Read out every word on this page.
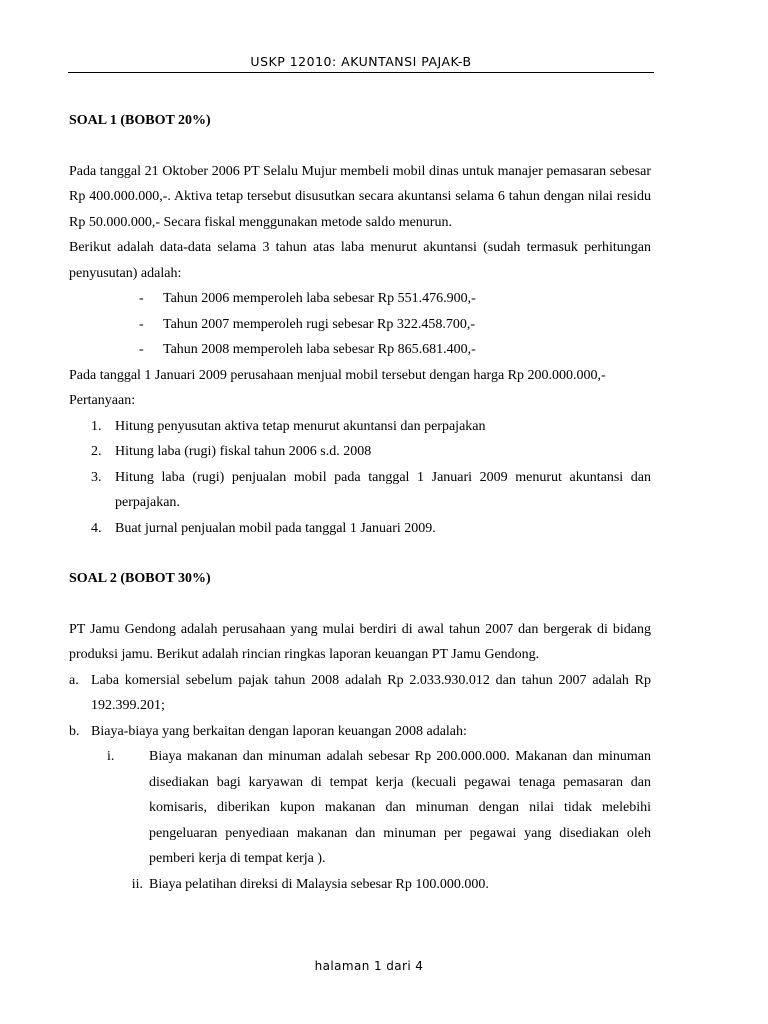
USKP 12010: AKUNTANSI PAJAK-B

SOAL 1 (BOBOT 20%)

Pada tanggal 21 Oktober 2006 PT Selalu Mujur membeli mobil dinas untuk manajer pemasaran sebesar Rp 400.000.000,-. Aktiva tetap tersebut disusutkan secara akuntansi selama 6 tahun dengan nilai residu Rp 50.000.000,- Secara fiskal menggunakan metode saldo menurun.

Berikut adalah data-data selama 3 tahun atas laba menurut akuntansi (sudah termasuk perhitungan penyusutan) adalah:

- Tahun 2006 memperoleh laba sebesar Rp 551.476.900,-
- Tahun 2007 memperoleh rugi sebesar Rp 322.458.700,-
- Tahun 2008 memperoleh laba sebesar Rp 865.681.400,-

Pada tanggal 1 Januari 2009 perusahaan menjual mobil tersebut dengan harga Rp 200.000.000,-

Pertanyaan:

1. Hitung penyusutan aktiva tetap menurut akuntansi dan perpajakan
2. Hitung laba (rugi) fiskal tahun 2006 s.d. 2008
3. Hitung laba (rugi) penjualan mobil pada tanggal 1 Januari 2009 menurut akuntansi dan perpajakan.
4. Buat jurnal penjualan mobil pada tanggal 1 Januari 2009.

SOAL 2 (BOBOT 30%)

PT Jamu Gendong adalah perusahaan yang mulai berdiri di awal tahun 2007 dan bergerak di bidang produksi jamu. Berikut adalah rincian ringkas laporan keuangan PT Jamu Gendong.

a. Laba komersial sebelum pajak tahun 2008 adalah Rp 2.033.930.012 dan tahun 2007 adalah Rp 192.399.201;
b. Biaya-biaya yang berkaitan dengan laporan keuangan 2008 adalah:
i.	Biaya makanan dan minuman adalah sebesar Rp 200.000.000. Makanan dan minuman disediakan bagi karyawan di tempat kerja (kecuali pegawai tenaga pemasaran dan komisaris, diberikan kupon makanan dan minuman dengan nilai tidak melebihi pengeluaran penyediaan makanan dan minuman per pegawai yang disediakan oleh pemberi kerja di tempat kerja ).
ii. Biaya pelatihan direksi di Malaysia sebesar Rp 100.000.000.
halaman 1 dari 4
